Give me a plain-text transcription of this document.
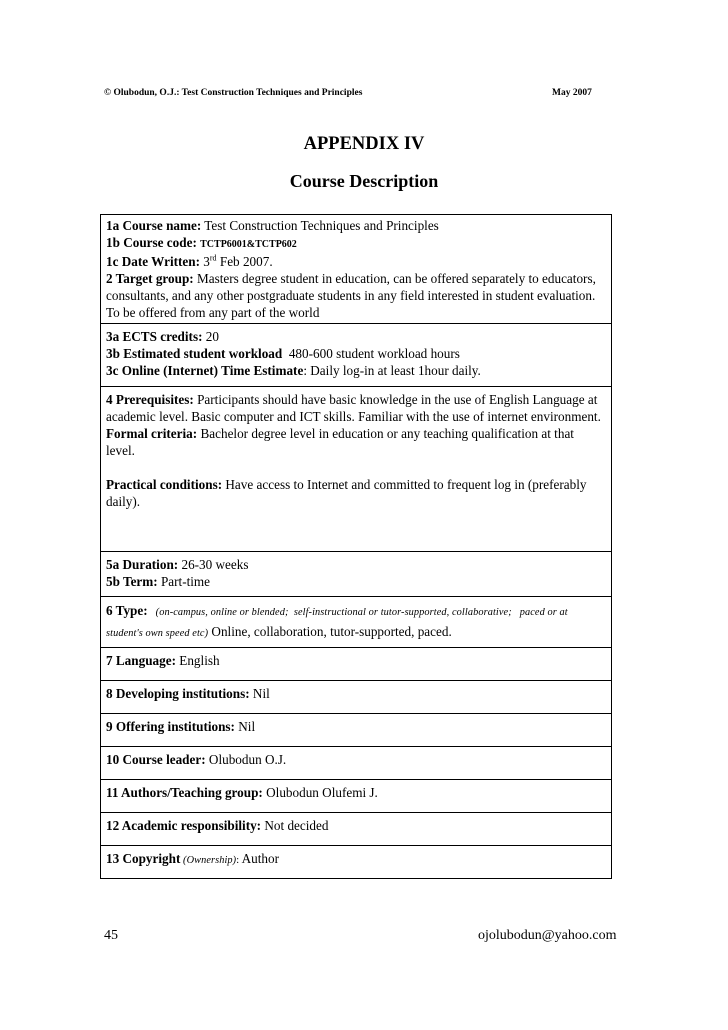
© Olubodun, O.J.: Test Construction Techniques and Principles	May 2007
APPENDIX IV
Course Description
1a Course name: Test Construction Techniques and Principles
1b Course code: TCTP6001&TCTP602
1c Date Written: 3rd Feb 2007.
2 Target group: Masters degree student in education, can be offered separately to educators, consultants, and any other postgraduate students in any field interested in student evaluation. To be offered from any part of the world

3a ECTS credits: 20
3b Estimated student workload  480-600 student workload hours
3c Online (Internet) Time Estimate: Daily log-in at least 1hour daily.

4 Prerequisites: Participants should have basic knowledge in the use of English Language at academic level. Basic computer and ICT skills. Familiar with the use of internet environment.
Formal criteria: Bachelor degree level in education or any teaching qualification at that level.
Practical conditions: Have access to Internet and committed to frequent log in (preferably daily).

5a Duration: 26-30 weeks
5b Term: Part-time

6 Type:   (on-campus, online or blended;  self-instructional or tutor-supported, collaborative;   paced or at student's own speed etc) Online, collaboration, tutor-supported, paced.
7 Language: English
8 Developing institutions: Nil
9 Offering institutions: Nil
10 Course leader: Olubodun O.J.
11 Authors/Teaching group: Olubodun Olufemi J.
12 Academic responsibility: Not decided
13 Copyright (Ownership): Author
45	ojolubodun@yahoo.com
